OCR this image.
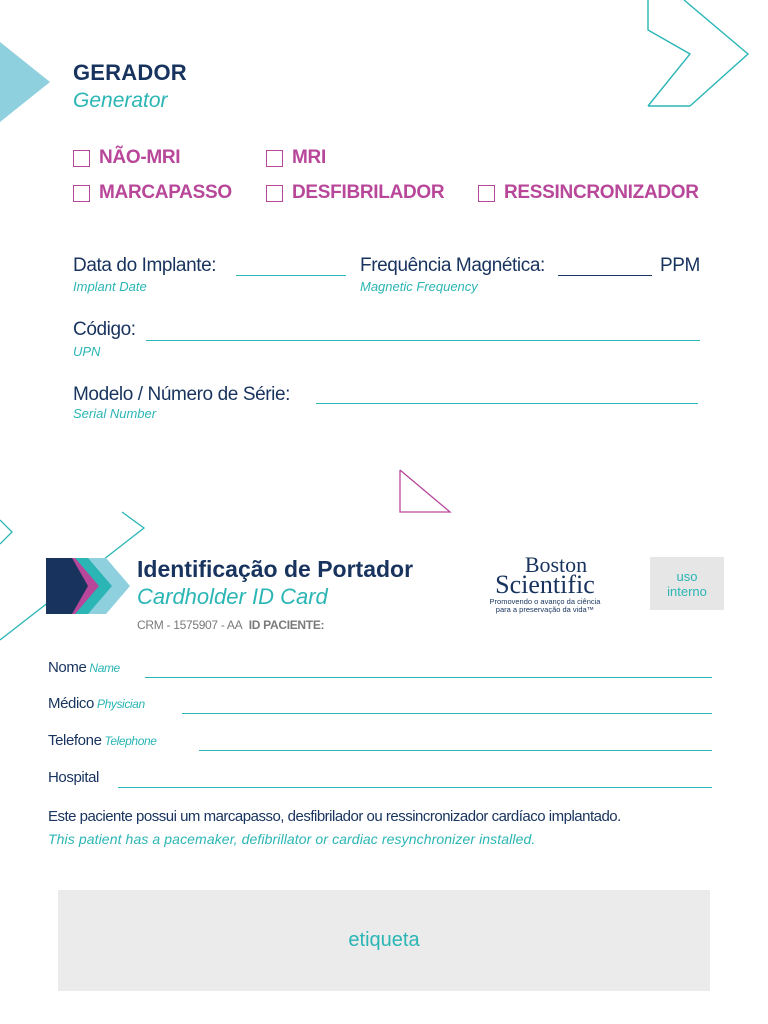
GERADOR
Generator
NÃO-MRI	MRI
MARCAPASSO	DESFIBRILADOR	RESSINCRONIZADOR
Data do Implante:
Implant Date
Frequência Magnética:
Magnetic Frequency
PPM
Código:
UPN
Modelo / Número de Série:
Serial Number
Identificação de Portador
Cardholder ID Card
CRM - 1575907 - AA ID PACIENTE:
Boston
Scientific
Promovendo o avanço da ciência
para a preservação da vida™
uso
interno
Nome Name
Médico Physician
Telefone Telephone
Hospital
Este paciente possui um marcapasso, desfibrilador ou ressincronizador cardíaco implantado.
This patient has a pacemaker, defibrillator or cardiac resynchronizer installed.
etiqueta
